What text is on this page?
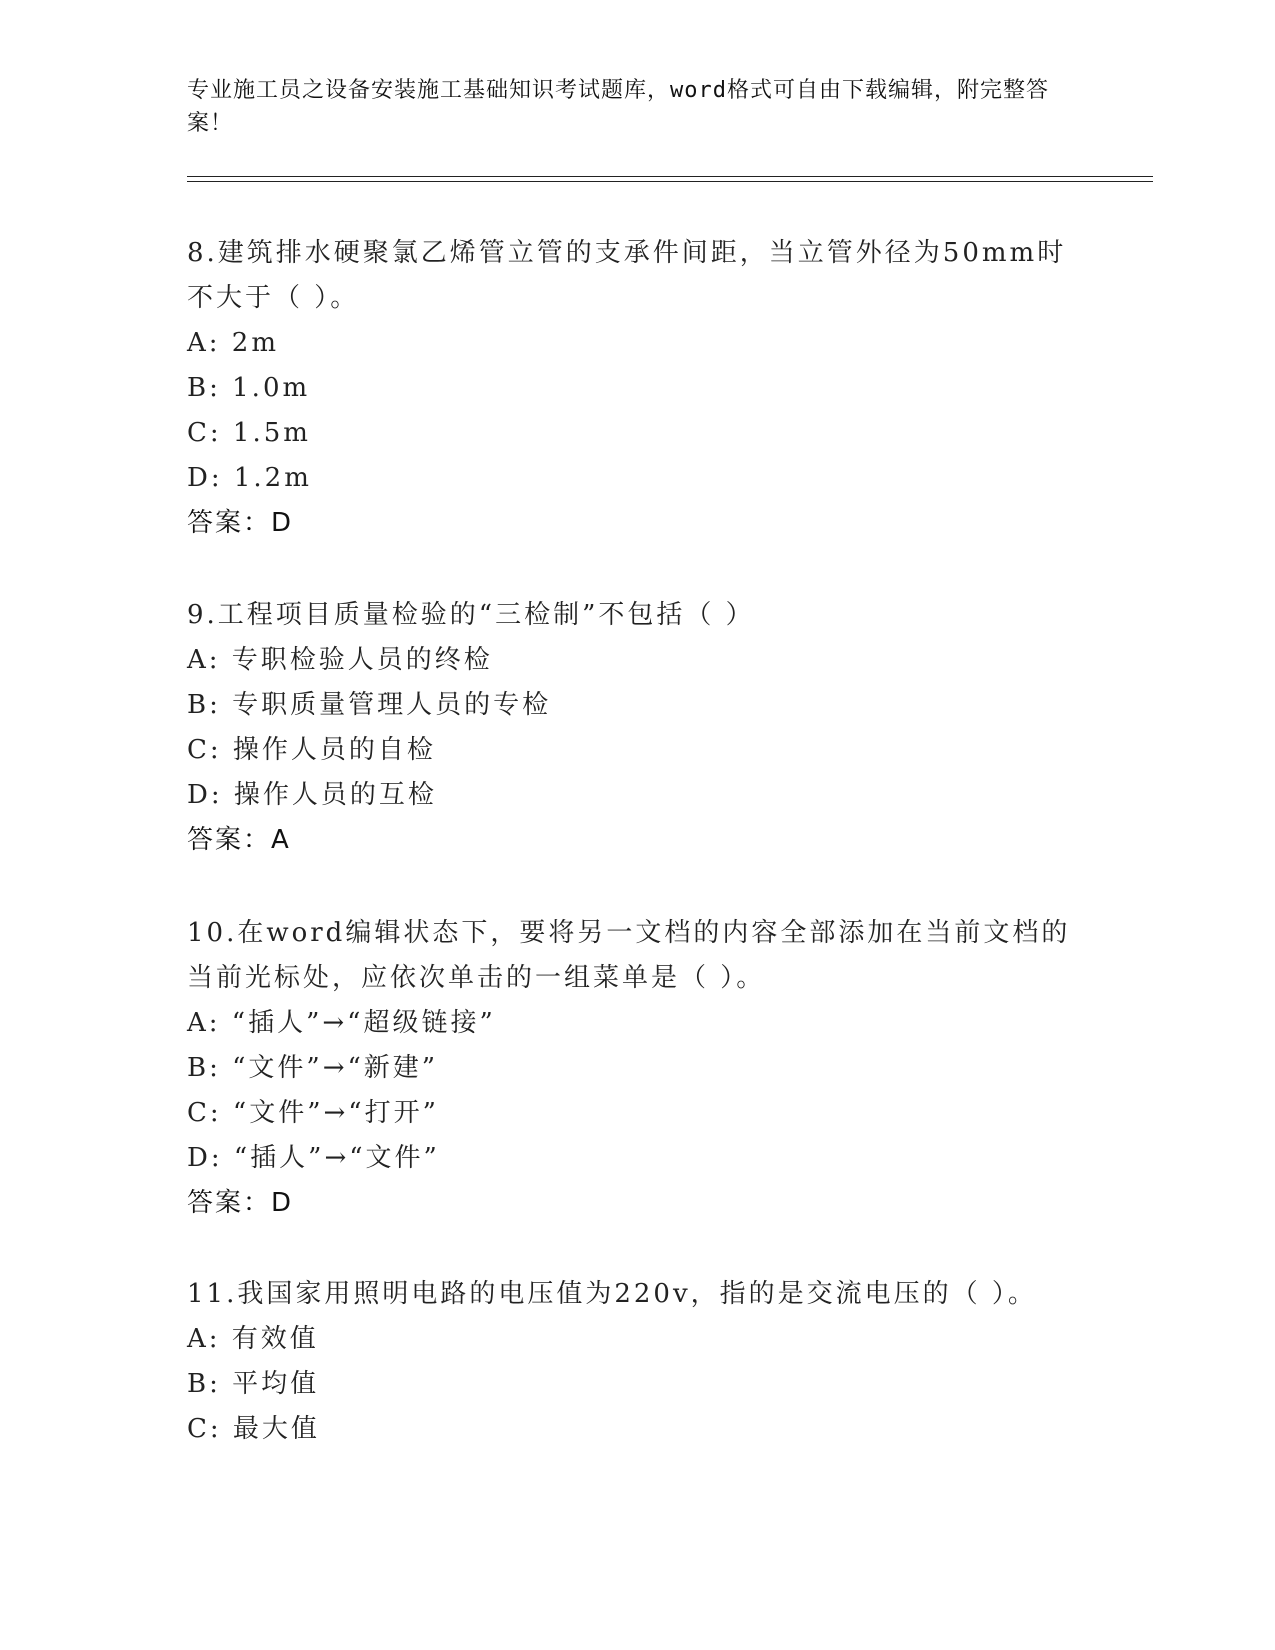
专业施工员之设备安装施工基础知识考试题库，word格式可自由下载编辑，附完整答案！
8.建筑排水硬聚氯乙烯管立管的支承件间距，当立管外径为50mm时不大于（ ）。
A: 2m
B: 1.0m
C: 1.5m
D: 1.2m
答案：D
9.工程项目质量检验的“三检制”不包括（ ）
A: 专职检验人员的终检
B: 专职质量管理人员的专检
C: 操作人员的自检
D: 操作人员的互检
答案：A
10.在word编辑状态下，要将另一文档的内容全部添加在当前文档的当前光标处，应依次单击的一组菜单是（ ）。
A: “插人”→“超级链接”
B: “文件”→“新建”
C: “文件”→“打开”
D: “插人”→“文件”
答案：D
11.我国家用照明电路的电压值为220v，指的是交流电压的（ ）。
A: 有效值
B: 平均值
C: 最大值
